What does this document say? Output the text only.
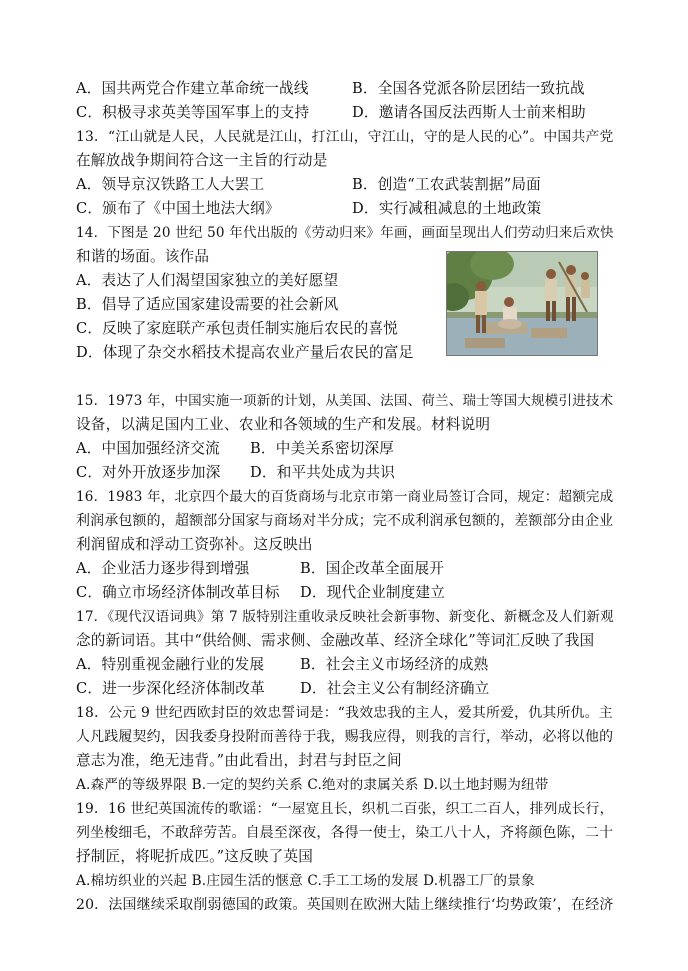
A．国共两党合作建立革命统一战线	B．全国各党派各阶层团结一致抗战
C．积极寻求英美等国军事上的支持	D．邀请各国反法西斯人士前来相助
13．“江山就是人民，人民就是江山，打江山，守江山，守的是人民的心”。中国共产党
在解放战争期间符合这一主旨的行动是
A．领导京汉铁路工人大罢工	B．创造“工农武装割据”局面
C．颁布了《中国土地法大纲》	D．实行减租减息的土地政策
14．下图是 20 世纪 50 年代出版的《劳动归来》年画，画面呈现出人们劳动归来后欢快
和谐的场面。该作品
A．表达了人们渴望国家独立的美好愿望
B．倡导了适应国家建设需要的社会新风
C．反映了家庭联产承包责任制实施后农民的喜悦
D．体现了杂交水稻技术提高农业产量后农民的富足
15．1973 年，中国实施一项新的计划，从美国、法国、荷兰、瑞士等国大规模引进技术
设备，以满足国内工业、农业和各领域的生产和发展。材料说明
A．中国加强经济交流 B．中美关系密切深厚
C．对外开放逐步加深 D．和平共处成为共识
16．1983 年，北京四个最大的百货商场与北京市第一商业局签订合同，规定：超额完成
利润承包额的，超额部分国家与商场对半分成；完不成利润承包额的，差额部分由企业
利润留成和浮动工资弥补。这反映出
A．企业活力逐步得到增强	B．国企改革全面展开
C．确立市场经济体制改革目标 D．现代企业制度建立
17．《现代汉语词典》第 7 版特别注重收录反映社会新事物、新变化、新概念及人们新观
念的新词语。其中“供给侧、需求侧、金融改革、经济全球化”等词汇反映了我国
A．特别重视金融行业的发展 B．社会主义市场经济的成熟
C．进一步深化经济体制改革 D．社会主义公有制经济确立
18．公元 9 世纪西欧封臣的效忠誓词是：“我效忠我的主人，爱其所爱，仇其所仇。主
人凡践履契约，因我委身投附而善待于我，赐我应得，则我的言行，举动，必将以他的
意志为准，绝无违背。”由此看出，封君与封臣之间
A.森严的等级界限 B.一定的契约关系 C.绝对的隶属关系 D.以土地封赐为纽带
19．16 世纪英国流传的歌谣：“一屋宽且长，织机二百张，织工二百人，排列成长行，
列坐梭细毛，不敢辞劳苦。自晨至深夜，各得一使士，染工八十人，齐将颜色陈，二十
抒制匠，将呢折成匹。”这反映了英国
A.棉坊织业的兴起 B.庄园生活的惬意 C.手工工场的发展 D.机器工厂的景象
20．法国继续采取削弱德国的政策。英国则在欧洲大陆上继续推行‘均势政策’，在经济
